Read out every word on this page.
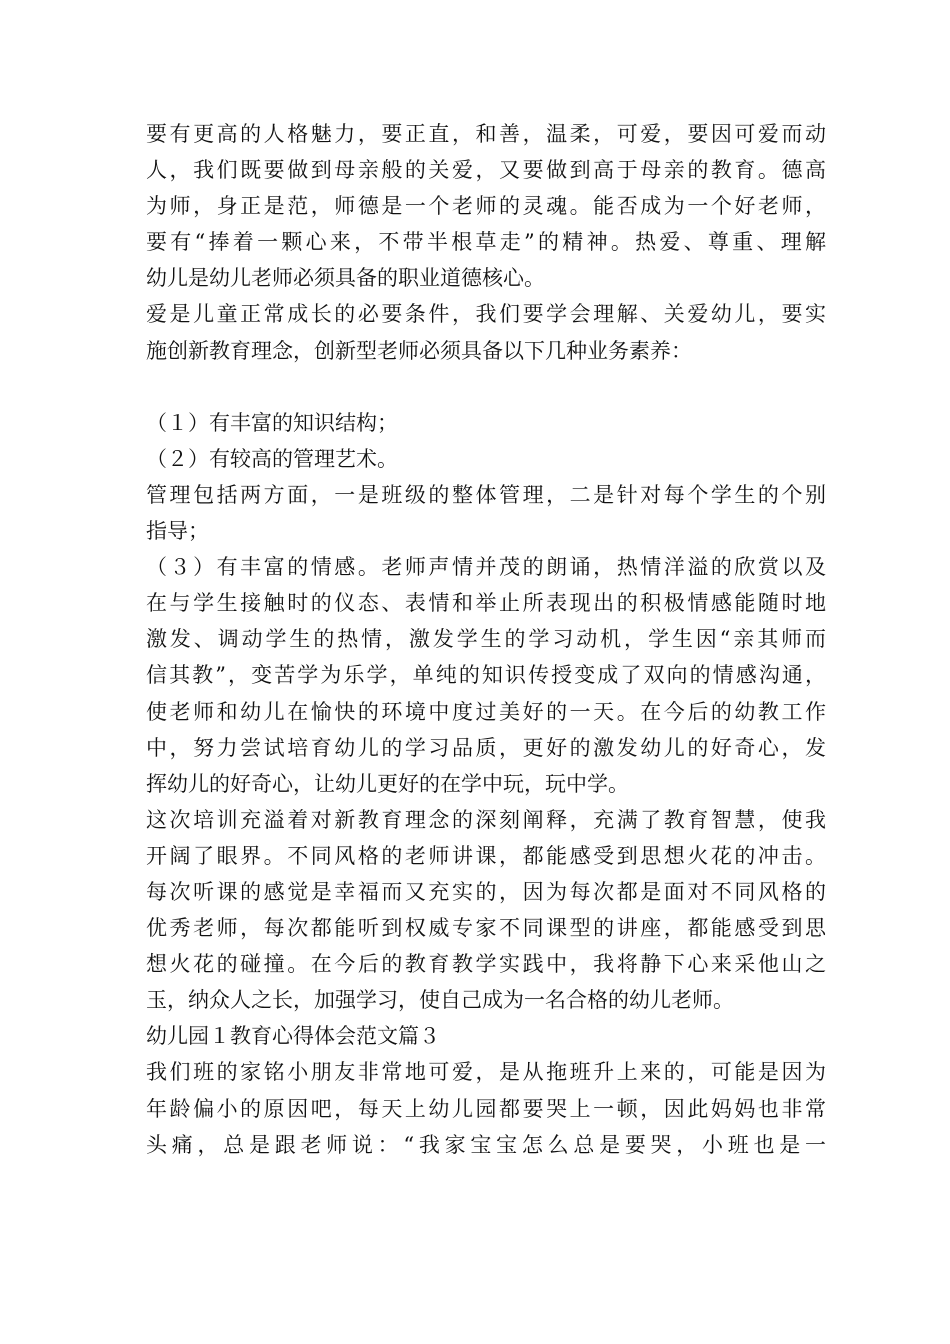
要有更高的人格魅力，要正直，和善，温柔，可爱，要因可爱而动
人，我们既要做到母亲般的关爱，又要做到高于母亲的教育。德高
为师，身正是范，师德是一个老师的灵魂。能否成为一个好老师，
要有“捧着一颗心来，不带半根草走”的精神。热爱、尊重、理解
幼儿是幼儿老师必须具备的职业道德核心。
爱是儿童正常成长的必要条件，我们要学会理解、关爱幼儿，要实
施创新教育理念，创新型老师必须具备以下几种业务素养：
（１）有丰富的知识结构；
（２）有较高的管理艺术。
管理包括两方面，一是班级的整体管理，二是针对每个学生的个别
指导；
（３）有丰富的情感。老师声情并茂的朗诵，热情洋溢的欣赏以及
在与学生接触时的仪态、表情和举止所表现出的积极情感能随时地
激发、调动学生的热情，激发学生的学习动机，学生因“亲其师而
信其教”，变苦学为乐学，单纯的知识传授变成了双向的情感沟通，
使老师和幼儿在愉快的环境中度过美好的一天。在今后的幼教工作
中，努力尝试培育幼儿的学习品质，更好的激发幼儿的好奇心，发
挥幼儿的好奇心，让幼儿更好的在学中玩，玩中学。
这次培训充溢着对新教育理念的深刻阐释，充满了教育智慧，使我
开阔了眼界。不同风格的老师讲课，都能感受到思想火花的冲击。
每次听课的感觉是幸福而又充实的，因为每次都是面对不同风格的
优秀老师，每次都能听到权威专家不同课型的讲座，都能感受到思
想火花的碰撞。在今后的教育教学实践中，我将静下心来采他山之
玉，纳众人之长，加强学习，使自己成为一名合格的幼儿老师。
幼儿园１教育心得体会范文篇３
我们班的家铭小朋友非常地可爱，是从拖班升上来的，可能是因为
年龄偏小的原因吧，每天上幼儿园都要哭上一顿，因此妈妈也非常
头痛，总是跟老师说：“我家宝宝怎么总是要哭，小班也是一
